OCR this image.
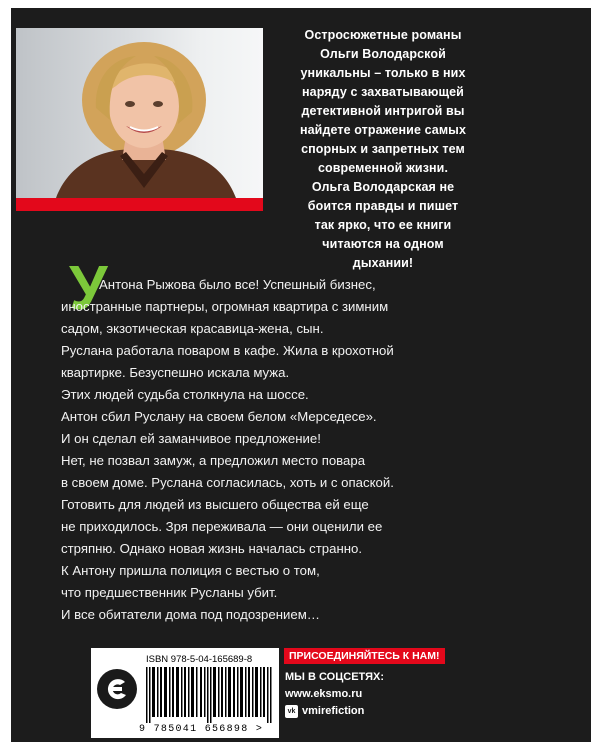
Остросюжетные романы
Ольги Володарской
уникальны – только в них
наряду с захватывающей
детективной интригой вы
найдете отражение самых
спорных и запретных тем
современной жизни.
Ольга Володарская не
боится правды и пишет
так ярко, что ее книги
читаются на одном
дыхании!
У
Антона Рыжова было все! Успешный бизнес,
иностранные партнеры, огромная квартира с зимним
садом, экзотическая красавица-жена, сын.
Руслана работала поваром в кафе. Жила в крохотной
квартирке. Безуспешно искала мужа.
Этих людей судьба столкнула на шоссе.
Антон сбил Руслану на своем белом «Мерседесе».
И он сделал ей заманчивое предложение!
Нет, не позвал замуж, а предложил место повара
в своем доме. Руслана согласилась, хоть и с опаской.
Готовить для людей из высшего общества ей еще
не приходилось. Зря переживала — они оценили ее
стряпню. Однако новая жизнь началась странно.
К Антону пришла полиция с вестью о том,
что предшественник Русланы убит.
И все обитатели дома под подозрением…
ISBN 978-5-04-165689-8
9 785041 656898 >
ПРИСОЕДИНЯЙТЕСЬ К НАМ!
МЫ В СОЦСЕТЯХ:
www.eksmo.ru
vk vmirefiction
